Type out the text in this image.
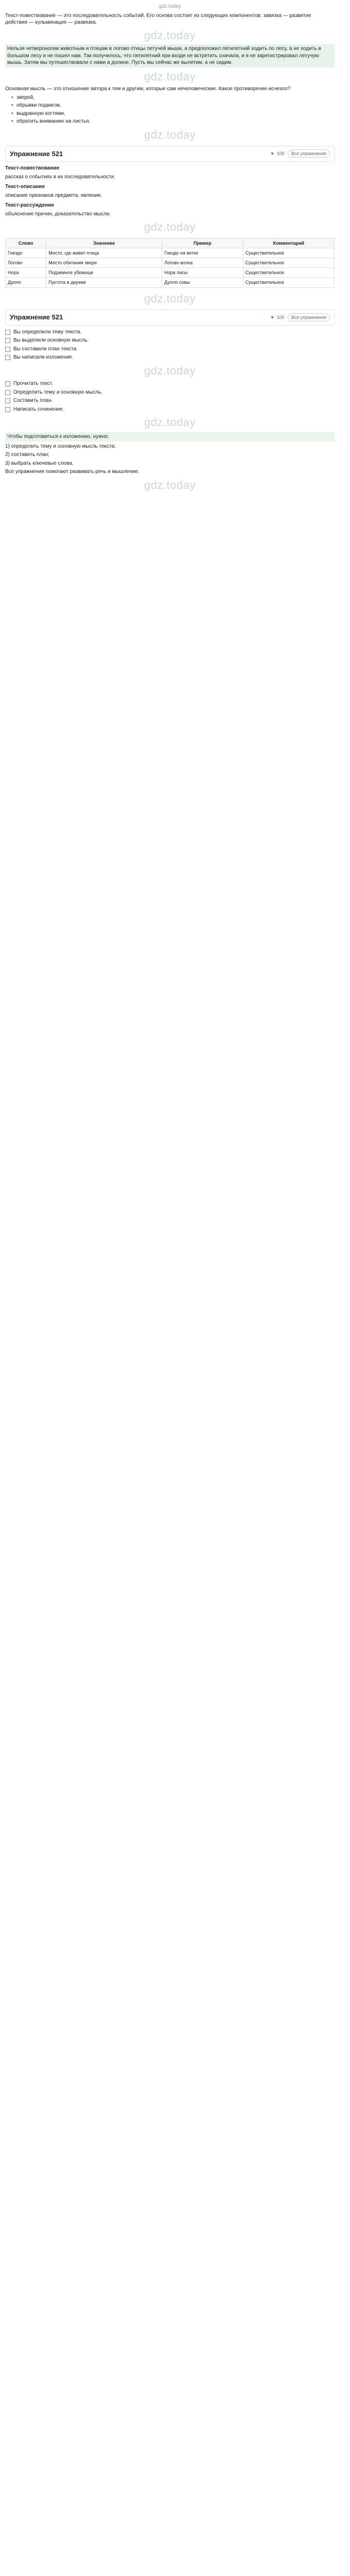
gdz.today

Текст-повествование — это последовательность событий. Его основа состоит из следующих компонентов: завязка — развитие действия — кульминация — развязка.

gdz.today

Нельзя четвероногим животным и птицам в логово птицы летучей мыши, а предположил пятилетний ходить по лесу, а не ходить в большом лесу и не пошел нам. Так получилось, что пятилетний при входе не встретить сначала, и я не зарегистрировал летучую мышь. Затем мы путешествовали с нами в долине. Пусть мы сейчас же вылетим, а не сидим.

gdz.today

Основная мысль — это отношение автора к тем и другим, которые сам нечеловеческие. Какое противоречие исчезло?

• зверей,
• обрывки подвигов,
• выдранную когтями,
• обратить вниманию на листья.
gdz.today
Упражнение 521	♥ 100	Все упражнения
Текст-повествование

рассказ о событиях в их последовательности.

Текст-описание

описание признаков предмета, явления.

Текст-рассуждение

объяснение причин, доказательство мысли.

gdz.today
Слово	Значение	Пример	Комментарий
Гнездо	Место, где живет птица	Гнездо на ветке	Существительное
Логово	Место обитания зверя	Логово волка	Существительное
Нора	Подземное убежище	Нора лисы	Существительное
Дупло	Пустота в дереве	Дупло совы	Существительное
gdz.today
Упражнение 521	♥ 100	Все упражнения
Вы определили тему текста.
Вы выделили основную мысль.
Вы составили план текста.
Вы написали изложение.
gdz.today
Прочитать текст.
Определить тему и основную мысль.
Составить план.
Написать сочинение.
gdz.today

Чтобы подготовиться к изложению, нужно:

1) определить тему и основную мысль текста;

2) составить план;

3) выбрать ключевые слова.

Все упражнения помогают развивать речь и мышление.

gdz.today
